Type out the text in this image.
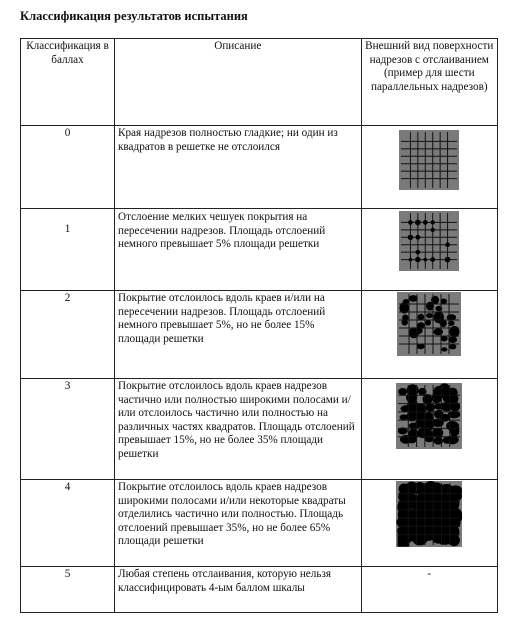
Классификация результатов испытания
Классификация в баллах	Описание	Внешний вид поверхности надрезов с отслаиванием (пример для шести параллельных надрезов)
0	Края надрезов полностью гладкие; ни один из квадратов в решетке не отслоился	

1	Отслоение мелких чешуек покрытия на пересечении надрезов. Площадь отслоений немного превышает 5% площади решетки

2	Покрытие отслоилось вдоль краев и/или на пересечении надрезов. Площадь отслоений немного превышает 5%, но не более 15% площади решетки	

3	Покрытие отслоилось вдоль краев надрезов частично или полностью широкими полосами и/или отслоилось частично или полностью на различных частях квадратов. Площадь отслоений превышает 15%, но не более 35% площади решетки	

4	Покрытие отслоилось вдоль краев надрезов широкими полосами и/или некоторые квадраты отделились частично или полностью. Площадь отслоений превышает 35%, но не более 65% площади решетки	

5	Любая степень отслаивания, которую нельзя классифицировать 4-ым баллом шкалы	-
